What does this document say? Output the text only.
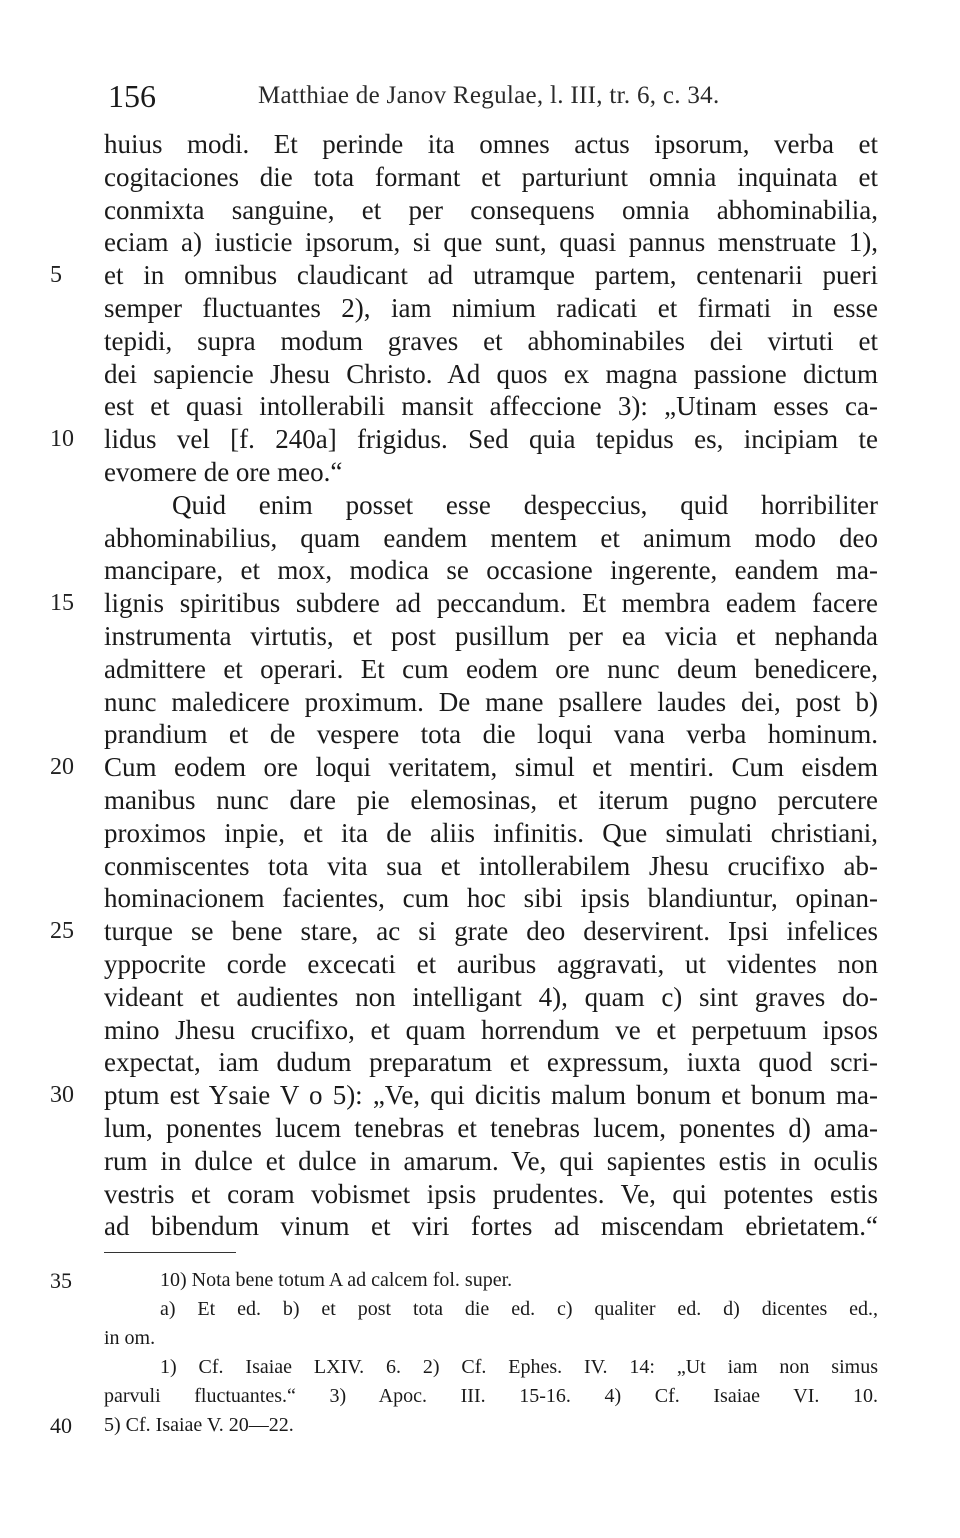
156	Matthiae de Janov Regulae, l. III, tr. 6, c. 34.
huius modi. Et perinde ita omnes actus ipsorum, verba et
cogitaciones die tota formant et parturiunt omnia inquinata et
conmixta sanguine, et per consequens omnia abhominabilia,
eciam a) iusticie ipsorum, si que sunt, quasi pannus menstruate 1),
5 et in omnibus claudicant ad utramque partem, centenarii pueri
semper fluctuantes 2), iam nimium radicati et firmati in esse
tepidi, supra modum graves et abhominabiles dei virtuti et
dei sapiencie Jhesu Christo. Ad quos ex magna passione dictum
est et quasi intollerabili mansit affeccione 3): „Utinam esses ca-
10 lidus vel [f. 240a] frigidus. Sed quia tepidus es, incipiam te
evomere de ore meo.“
Quid enim posset esse despeccius, quid horribiliter
abhominabilius, quam eandem mentem et animum modo deo
mancipare, et mox, modica se occasione ingerente, eandem ma-
15 lignis spiritibus subdere ad peccandum. Et membra eadem facere
instrumenta virtutis, et post pusillum per ea vicia et nephanda
admittere et operari. Et cum eodem ore nunc deum benedicere,
nunc maledicere proximum. De mane psallere laudes dei, post b)
prandium et de vespere tota die loqui vana verba hominum.
20 Cum eodem ore loqui veritatem, simul et mentiri. Cum eisdem
manibus nunc dare pie elemosinas, et iterum pugno percutere
proximos inpie, et ita de aliis infinitis. Que simulati christiani,
conmiscentes tota vita sua et intollerabilem Jhesu crucifixo ab-
hominacionem facientes, cum hoc sibi ipsis blandiuntur, opinan-
25 turque se bene stare, ac si grate deo deservirent. Ipsi infelices
yppocrite corde excecati et auribus aggravati, ut videntes non
videant et audientes non intelligant 4), quam c) sint graves do-
mino Jhesu crucifixo, et quam horrendum ve et perpetuum ipsos
expectat, iam dudum preparatum et expressum, iuxta quod scri-
30 ptum est Ysaie V o 5): „Ve, qui dicitis malum bonum et bonum ma-
lum, ponentes lucem tenebras et tenebras lucem, ponentes d) ama-
rum in dulce et dulce in amarum. Ve, qui sapientes estis in oculis
vestris et coram vobismet ipsis prudentes. Ve, qui potentes estis
ad bibendum vinum et viri fortes ad miscendam ebrietatem.“
35	10) Nota bene totum A ad calcem fol. super.
a) Et ed. b) et post tota die ed. c) qualiter ed. d) dicentes ed.,
in om.
1) Cf. Isaiae LXIV. 6. 2) Cf. Ephes. IV. 14: „Ut iam non simus
parvuli fluctuantes.“ 3) Apoc. III. 15-16. 4) Cf. Isaiae VI. 10.
40 5) Cf. Isaiae V. 20—22.
